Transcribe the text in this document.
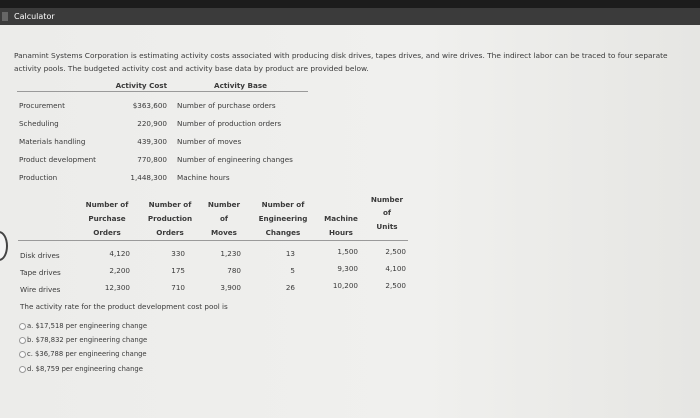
Calculator
Panamint Systems Corporation is estimating activity costs associated with producing disk drives, tapes drives, and wire drives. The indirect labor can be traced to four separate activity pools. The budgeted activity cost and activity base data by product are provided below.
Activity Cost	Activity Base
Procurement	$363,600 Number of purchase orders
Scheduling	220,900 Number of production orders
Materials handling	439,300 Number of moves
Product development	770,800 Number of engineering changes
Production	1,448,300 Machine hours
Number of
Purchase
Orders
Number of
Production
Orders
Number
of
Moves
Number of
Engineering
Changes
Machine
Hours
Number
of
Units
Disk drives	4,120	330	1,230	13	1,500	2,500
Tape drives	2,200	175	780	5	9,300	4,100
Wire drives	12,300	710	3,900	26	10,200	2,500
The activity rate for the product development cost pool is
a. $17,518 per engineering change
b. $78,832 per engineering change
c. $36,788 per engineering change
d. $8,759 per engineering change
